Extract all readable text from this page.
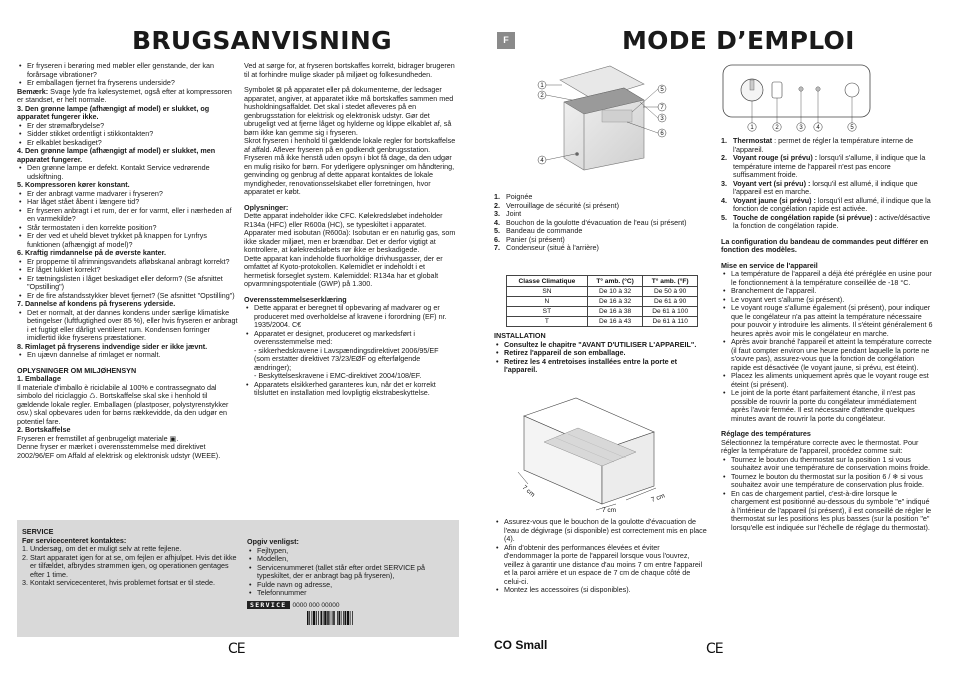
BRUGSANVISNING	F	MODE D’EMPLOI
• Er fryseren i berøring med møbler eller genstande, der kan forårsage vibrationer?
• Er emballagen fjernet fra fryserens underside?
Bemærk: Svage lyde fra kølesystemet, også efter at kompressoren er standset, er helt normale.
3. Den grønne lampe (afhængigt af model) er slukket, og apparatet fungerer ikke.
• Er der strømafbrydelse?
• Sidder stikket ordentligt i stikkontakten?
• Er elkablet beskadiget?
4. Den grønne lampe (afhængigt af model) er slukket, men apparatet fungerer.
• Den grønne lampe er defekt. Kontakt Service vedrørende udskiftning.
5. Kompressoren kører konstant.
• Er der anbragt varme madvarer i fryseren?
• Har låget stået åbent i længere tid?
• Er fryseren anbragt i et rum, der er for varmt, eller i nærheden af en varmekilde?
• Står termostaten i den korrekte position?
• Er der ved et uheld blevet trykket på knappen for Lynfrys funktionen (afhængigt af model)?
6. Kraftig rimdannelse på de øverste kanter.
• Er propperne til afrimningsvandets afløbskanal anbragt korrekt?
• Er låget lukket korrekt?
• Er tætningslisten i låget beskadiget eller deform? (Se afsnittet "Opstilling")
• Er de fire afstandsstykker blevet fjernet? (Se afsnittet "Opstilling")
7. Dannelse af kondens på fryserens yderside.
• Det er normalt, at der dannes kondens under særlige klimatiske betingelser (luftfugtighed over 85 %), eller hvis fryseren er anbragt i et fugtigt eller dårligt ventileret rum. Kondensen forringer imidlertid ikke fryserens præstationer.
8. Rimlaget på fryserens indvendige sider er ikke jævnt.
• En ujævn dannelse af rimlaget er normalt.
OPLYSNINGER OM MILJØHENSYN
1. Emballage
Il materiale d'imballo è riciclabile al 100% e contrassegnato dal simbolo del riciclaggio ♺. Bortskaffelse skal ske i henhold til gældende lokale regler. Emballagen (plastposer, polystyrenstykker osv.) skal opbevares uden for børns rækkevidde, da den udgør en potentiel fare.
2. Bortskaffelse
Fryseren er fremstillet af genbrugeligt materiale ▣.
Denne fryser er mærket i overensstemmelse med direktivet 2002/96/EF om Affald af elektrisk og elektronisk udstyr (WEEE).
Ved at sørge for, at fryseren bortskaffes korrekt, bidrager brugeren til at forhindre mulige skader på miljøet og folkesundheden.
Symbolet ⊠ på apparatet eller på dokumenterne, der ledsager apparatet, angiver, at apparatet ikke må bortskaffes sammen med husholdningsaffaldet. Det skal i stedet afleveres på en genbrugsstation for elektrisk og elektronisk udstyr. Gør det ubrugeligt ved at fjerne låget og hylderne og klippe elkablet af, så børn ikke kan gemme sig i fryseren.
Skrot fryseren i henhold til gældende lokale regler for bortskaffelse af affald. Aflever fryseren på en godkendt genbrugsstation. Fryseren må ikke henstå uden opsyn i blot få dage, da den udgør en mulig risiko for børn. For yderligere oplysninger om håndtering, genvinding og genbrug af dette apparat kontaktes de lokale myndigheder, renovationsselskabet eller forretningen, hvor apparatet er købt.
Oplysninger:
Dette apparat indeholder ikke CFC. Kølekredsløbet indeholder R134a (HFC) eller R600a (HC), se typeskiltet i apparatet.
Apparater med isobutan (R600a): Isobutan er en naturlig gas, som ikke skader miljøet, men er brændbar. Det er derfor vigtigt at kontrollere, at kølekredsløbets rør ikke er beskadigede.
Dette apparat kan indeholde fluorholdige drivhusgasser, der er omfattet af Kyoto-protokollen. Kølemidlet er indeholdt i et hermetisk forseglet system. Kølemiddel: R134a har et globalt opvarmningspotentiale (GWP) på 1.300.
Overensstemmelseserklæring
• Dette apparat er beregnet til opbevaring af madvarer og er produceret med overholdelse af kravene i forordning (EF) nr. 1935/2004. C€
• Apparatet er designet, produceret og markedsført i overensstemmelse med:
- sikkerhedskravene i Lavspændingsdirektivet 2006/95/EF (som erstatter direktivet 73/23/EØF og efterfølgende ændringer);
- Beskyttelseskravene i EMC-direktivet 2004/108/EF.
• Apparatets elsikkerhed garanteres kun, når det er korrekt tilsluttet en installation med lovpligtig ekstrabeskyttelse.
SERVICE
Før servicecenteret kontaktes:
1. Undersøg, om det er muligt selv at rette fejlene.
2. Start apparatet igen for at se, om fejlen er afhjulpet. Hvis det ikke er tilfældet, afbrydes strømmen igen, og operationen gentages efter 1 time.
3. Kontakt servicecenteret, hvis problemet fortsat er til stede.
Opgiv venligst:
• Fejltypen,
• Modellen,
• Servicenummeret (tallet står efter ordet SERVICE på typeskiltet, der er anbragt bag på fryseren),
• Fulde navn og adresse,
• Telefonnummer
SERVICE 0000 000 00000
CE
1
2
4
5
7
3
6
1. Poignée
2. Verrouillage de sécurité (si présent)
3. Joint
4. Bouchon de la goulotte d'évacuation de l'eau (si présent)
5. Bandeau de commande
6. Panier (si présent)
7. Condenseur (situé à l'arrière)
Classe Climatique	T° amb. (°C)	T° amb. (°F)
SN	De 10 à 32	De 50 à 90
N	De 16 à 32	De 61 à 90
ST	De 16 à 38	De 61 à 100
T	De 16 à 43	De 61 à 110
INSTALLATION
• Consultez le chapitre "AVANT D'UTILISER L'APPAREIL".
• Retirez l'appareil de son emballage.
• Retirez les 4 entretoises installées entre la porte et l'appareil.
7 cm
7 cm
7 cm
• Assurez-vous que le bouchon de la goulotte d'évacuation de l'eau de dégivrage (si disponible) est correctement mis en place (4).
• Afin d'obtenir des performances élevées et éviter d'endommager la porte de l'appareil lorsque vous l'ouvrez, veillez à garantir une distance d'au moins 7 cm entre l'appareil et la paroi arrière et un espace de 7 cm de chaque côté de celui-ci.
• Montez les accessoires (si disponibles).
CO Small
1	2	3 4	5
1. Thermostat : permet de régler la température interne de l'appareil.
2. Voyant rouge (si prévu) : lorsqu'il s'allume, il indique que la température interne de l'appareil n'est pas encore suffisamment froide.
3. Voyant vert (si prévu) : lorsqu'il est allumé, il indique que l'appareil est en marche.
4. Voyant jaune (si prévu) : lorsqu'il est allumé, il indique que la fonction de congélation rapide est activée.
5. Touche de congélation rapide (si prévue) : active/désactive la fonction de congélation rapide.
La configuration du bandeau de commandes peut différer en fonction des modèles.
Mise en service de l'appareil
• La température de l'appareil a déjà été préréglée en usine pour le fonctionnement à la température conseillée de -18 °C.
• Branchement de l'appareil.
• Le voyant vert s'allume (si présent).
• Le voyant rouge s'allume également (si présent), pour indiquer que le congélateur n'a pas atteint la température nécessaire pour pouvoir y introduire les aliments. Il s'éteint généralement 6 heures après avoir mis le congélateur en marche.
• Après avoir branché l'appareil et atteint la température correcte (il faut compter environ une heure pendant laquelle la porte ne s'ouvre pas), assurez-vous que la fonction de congélation rapide est désactivée (le voyant jaune, si prévu, est éteint).
• Placez les aliments uniquement après que le voyant rouge est éteint (si présent).
• Le joint de la porte étant parfaitement étanche, il n'est pas possible de rouvrir la porte du congélateur immédiatement après l'avoir fermée. Il est nécessaire d'attendre quelques minutes avant de rouvrir la porte du congélateur.
Réglage des températures
Sélectionnez la température correcte avec le thermostat. Pour régler la température de l'appareil, procédez comme suit:
• Tournez le bouton du thermostat sur la position 1 si vous souhaitez avoir une température de conservation moins froide.
• Tournez le bouton du thermostat sur la position 6 / ❄ si vous souhaitez avoir une température de conservation plus froide.
• En cas de chargement partiel, c'est-à-dire lorsque le chargement est positionné au-dessous du symbole "e" indiqué à l'intérieur de l'appareil (si présent), il est conseillé de régler le thermostat sur les positions les plus basses (sur la position "e" lorsqu'elle est indiquée sur l'échelle de réglage du thermostat).
CE
